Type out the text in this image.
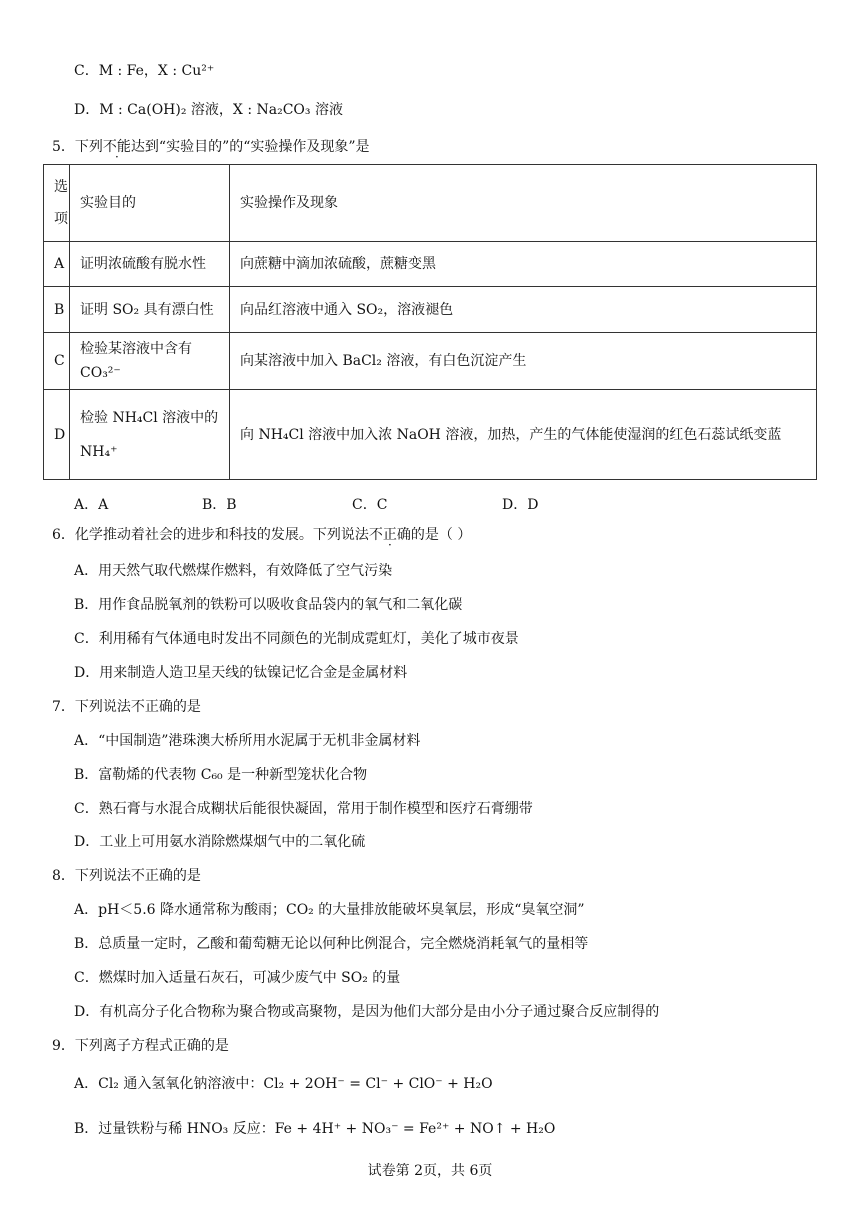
C．M : Fe，X : Cu²⁺
D．M : Ca(OH)₂ 溶液，X : Na₂CO₃ 溶液
5．下列不能达到“实验目的”的“实验操作及现象”是
选项	实验目的	实验操作及现象
A	证明浓硫酸有脱水性	向蔗糖中滴加浓硫酸，蔗糖变黑
B	证明 SO₂ 具有漂白性	向品红溶液中通入 SO₂，溶液褪色
C	检验某溶液中含有 CO₃²⁻	向某溶液中加入 BaCl₂ 溶液，有白色沉淀产生
D	检验 NH₄Cl 溶液中的 NH₄⁺	向 NH₄Cl 溶液中加入浓 NaOH 溶液，加热，产生的气体能使湿润的红色石蕊试纸变蓝
A．A	B．B	C．C	D．D
6．化学推动着社会的进步和科技的发展。下列说法不正确的是（ ）
A．用天然气取代燃煤作燃料，有效降低了空气污染
B．用作食品脱氧剂的铁粉可以吸收食品袋内的氧气和二氧化碳
C．利用稀有气体通电时发出不同颜色的光制成霓虹灯，美化了城市夜景
D．用来制造人造卫星天线的钛镍记忆合金是金属材料
7．下列说法不正确的是
A．“中国制造”港珠澳大桥所用水泥属于无机非金属材料
B．富勒烯的代表物 C₆₀ 是一种新型笼状化合物
C．熟石膏与水混合成糊状后能很快凝固，常用于制作模型和医疗石膏绷带
D．工业上可用氨水消除燃煤烟气中的二氧化硫
8．下列说法不正确的是
A．pH＜5.6 降水通常称为酸雨；CO₂ 的大量排放能破坏臭氧层，形成“臭氧空洞”
B．总质量一定时，乙酸和葡萄糖无论以何种比例混合，完全燃烧消耗氧气的量相等
C．燃煤时加入适量石灰石，可减少废气中 SO₂ 的量
D．有机高分子化合物称为聚合物或高聚物，是因为他们大部分是由小分子通过聚合反应制得的
9．下列离子方程式正确的是
A．Cl₂ 通入氢氧化钠溶液中：Cl₂ + 2OH⁻ = Cl⁻ + ClO⁻ + H₂O
B．过量铁粉与稀 HNO₃ 反应：Fe + 4H⁺ + NO₃⁻ = Fe²⁺ + NO↑ + H₂O
试卷第 2页，共 6页
